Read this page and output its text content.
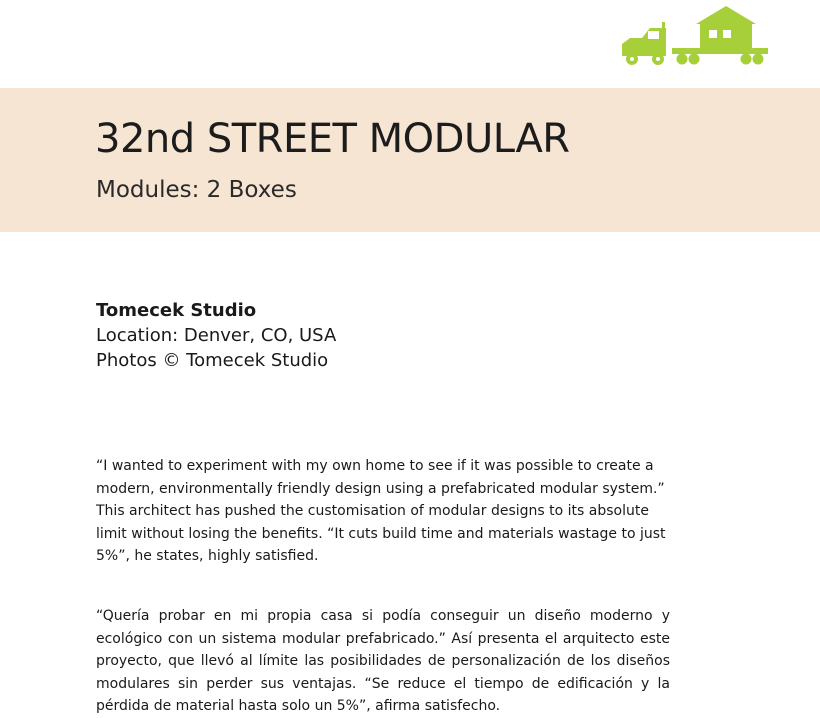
32nd STREET MODULAR
Modules: 2 Boxes
Tomecek Studio
Location: Denver, CO, USA
Photos © Tomecek Studio

“I wanted to experiment with my own home to see if it was possible to create a modern, environmentally friendly design using a prefabricated modular system.” This architect has pushed the customisation of modular designs to its absolute limit without losing the benefits. “It cuts build time and materials wastage to just 5%”, he states, highly satisfied.

“Quería probar en mi propia casa si podía conseguir un diseño moderno y ecológico con un sistema modular prefabricado.” Así presenta el arquitecto este proyecto, que llevó al límite las posibilidades de personalización de los diseños modulares sin perder sus ventajas. “Se reduce el tiempo de edificación y la pérdida de material hasta solo un 5%”, afirma satisfecho.
